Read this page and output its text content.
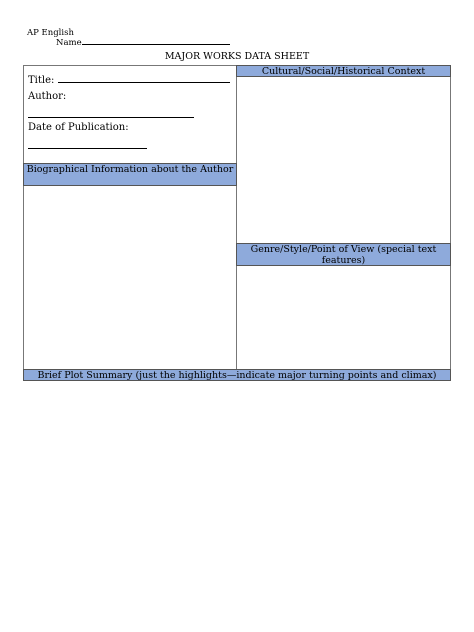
AP English
Name
MAJOR WORKS DATA SHEET
Title:
Author:
Date of Publication:
Biographical Information about the Author
Cultural/Social/Historical Context
Genre/Style/Point of View (special text features)
Brief Plot Summary (just the highlights—indicate major turning points and climax)
